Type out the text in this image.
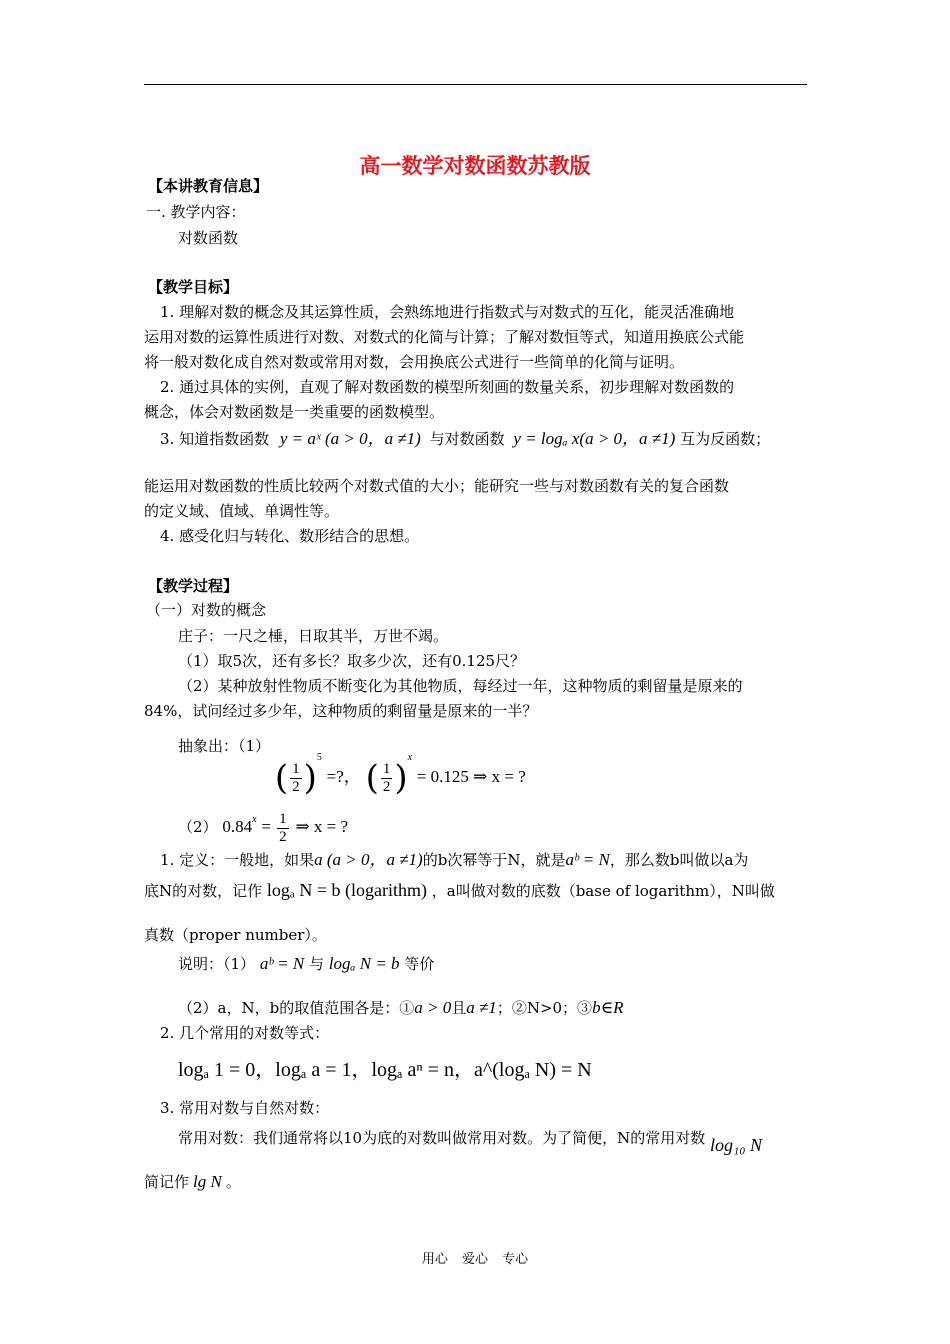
高一数学对数函数苏教版
【本讲教育信息】
一. 教学内容：
对数函数
【教学目标】
1. 理解对数的概念及其运算性质，会熟练地进行指数式与对数式的互化，能灵活准确地
运用对数的运算性质进行对数、对数式的化简与计算；了解对数恒等式，知道用换底公式能
将一般对数化成自然对数或常用对数，会用换底公式进行一些简单的化简与证明。
2. 通过具体的实例，直观了解对数函数的模型所刻画的数量关系，初步理解对数函数的
概念，体会对数函数是一类重要的函数模型。
3. 知道指数函数 y = aˣ (a > 0，a ≠1) 与对数函数 y = logₐ x(a > 0，a ≠1) 互为反函数；
能运用对数函数的性质比较两个对数式值的大小；能研究一些与对数函数有关的复合函数
的定义域、值域、单调性等。
4. 感受化归与转化、数形结合的思想。
【教学过程】
（一）对数的概念
庄子：一尺之棰，日取其半，万世不竭。
（1）取5次，还有多长？取多少次，还有0.125尺？
（2）某种放射性物质不断变化为其他物质，每经过一年，这种物质的剩留量是原来的
84%，试问经过多少年，这种物质的剩留量是原来的一半？
抽象出：（1） ( $\frac{1}{2} )^5$ =?， ( $\frac{1}{2} )^x = 0.125$ ⇒ x = ?
（2） $0.84^x = \frac{1}{2}$ ⇒ x = ?
1. 定义：一般地，如果a (a > 0，a ≠1)的b次幂等于N，就是aᵇ = N，那么数b叫做以a为
底N的对数，记作 logₐ N = b (logarithm) ，a叫做对数的底数（base of logarithm），N叫做
真数（proper number）。
说明：（1） aᵇ = N 与 logₐ N = b 等价
（2）a，N，b的取值范围各是：①a > 0且a ≠1；②N>0；③b∈R
2. 几个常用的对数等式：
logₐ 1 = 0，logₐ a = 1，logₐ aⁿ = n，a^(logₐ N) = N
3. 常用对数与自然对数：
常用对数：我们通常将以10为底的对数叫做常用对数。为了简便，N的常用对数 log₁₀ N
简记作 lg N 。
用心 爱心 专心
